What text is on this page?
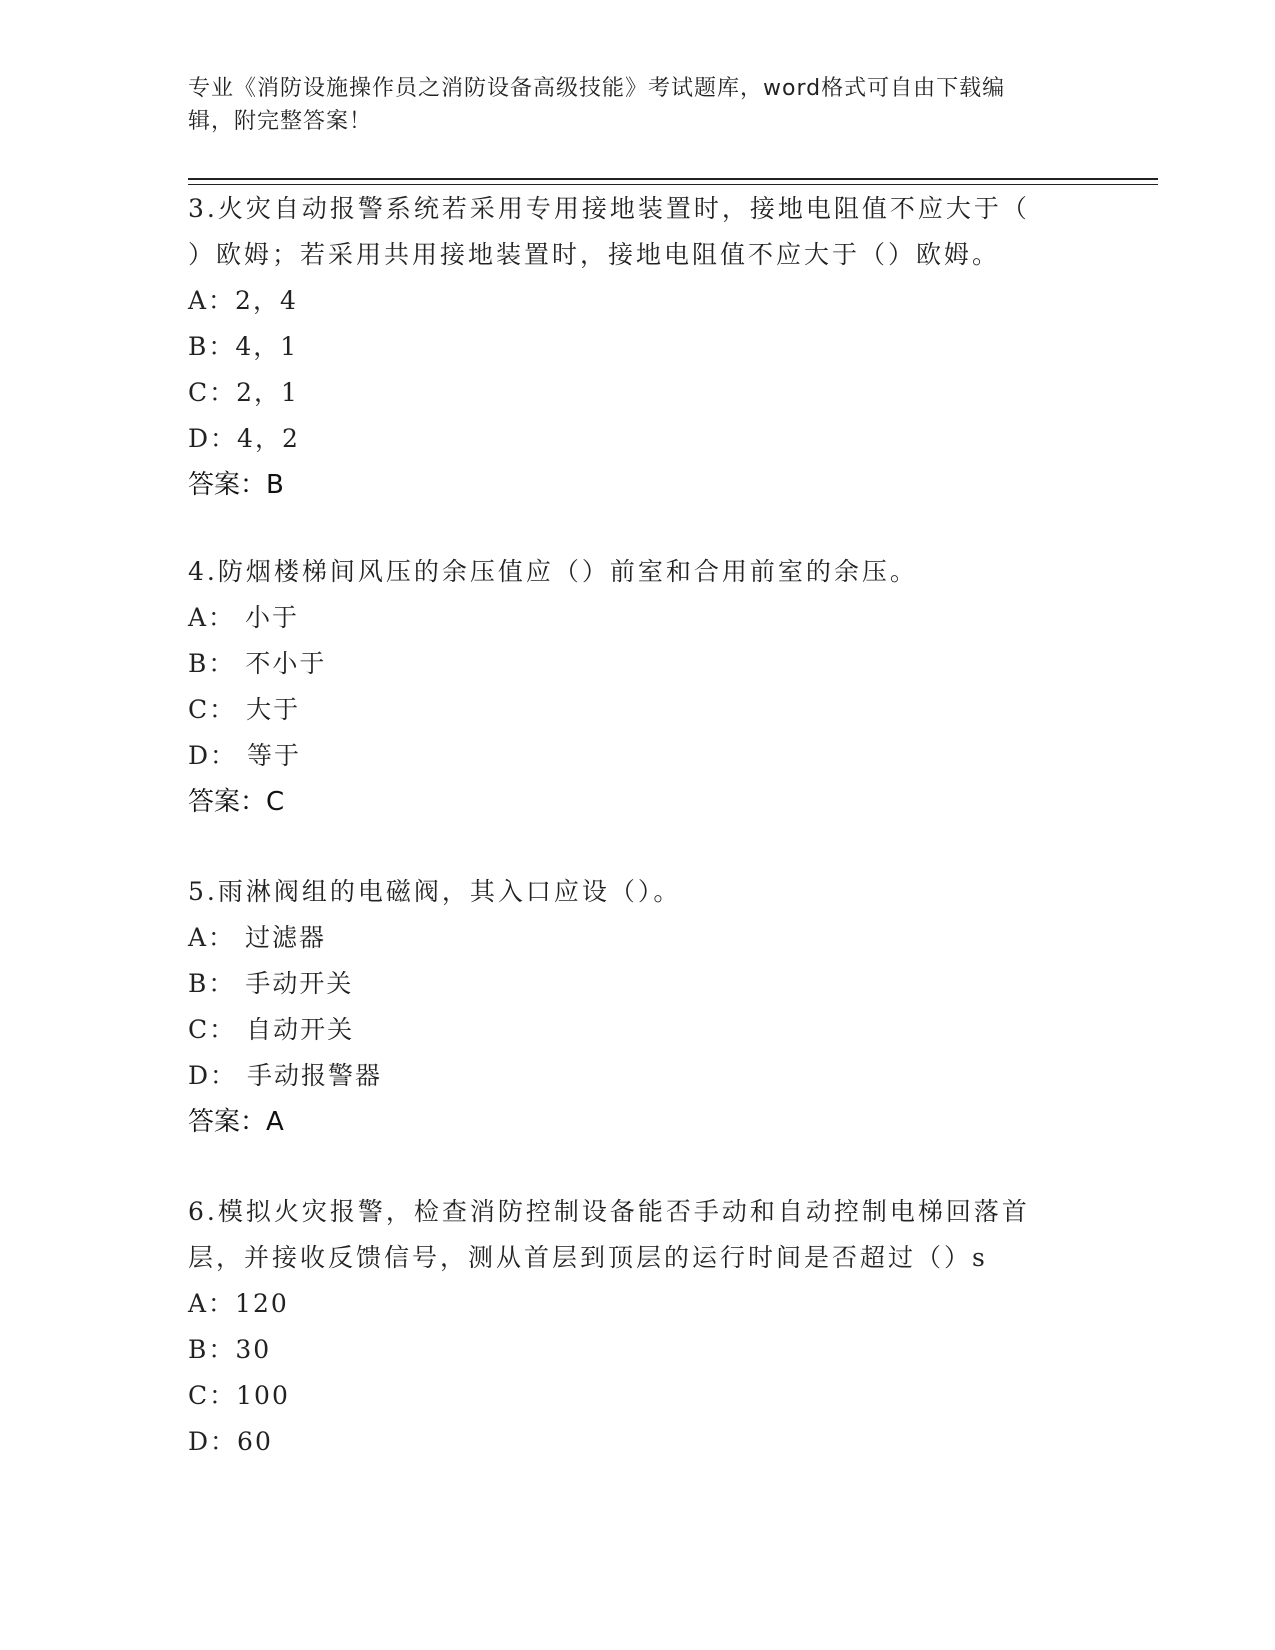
专业《消防设施操作员之消防设备高级技能》考试题库，word格式可自由下载编
辑，附完整答案！
3.火灾自动报警系统若采用专用接地装置时，接地电阻值不应大于（
）欧姆；若采用共用接地装置时，接地电阻值不应大于（）欧姆。
A：2，4
B：4，1
C：2，1
D：4，2
答案：B
4.防烟楼梯间风压的余压值应（）前室和合用前室的余压。
A： 小于
B： 不小于
C： 大于
D： 等于
答案：C
5.雨淋阀组的电磁阀，其入口应设（）。
A： 过滤器
B： 手动开关
C： 自动开关
D： 手动报警器
答案：A
6.模拟火灾报警，检查消防控制设备能否手动和自动控制电梯回落首
层，并接收反馈信号，测从首层到顶层的运行时间是否超过（）s
A：120
B：30
C：100
D：60
